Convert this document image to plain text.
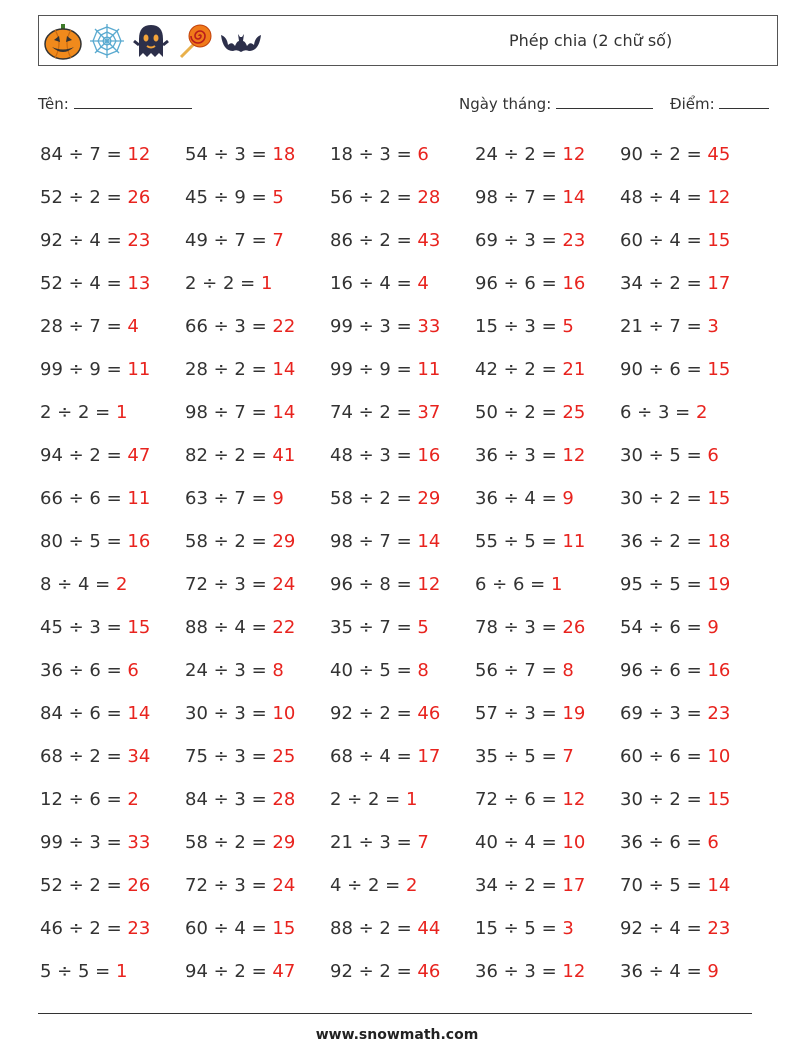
Phép chia (2 chữ số)
Tên:	Ngày tháng:	Điểm:
84 ÷ 7 = 12	54 ÷ 3 = 18	18 ÷ 3 = 6	24 ÷ 2 = 12	90 ÷ 2 = 45
52 ÷ 2 = 26	45 ÷ 9 = 5	56 ÷ 2 = 28	98 ÷ 7 = 14	48 ÷ 4 = 12
92 ÷ 4 = 23	49 ÷ 7 = 7	86 ÷ 2 = 43	69 ÷ 3 = 23	60 ÷ 4 = 15
52 ÷ 4 = 13	2 ÷ 2 = 1	16 ÷ 4 = 4	96 ÷ 6 = 16	34 ÷ 2 = 17
28 ÷ 7 = 4	66 ÷ 3 = 22	99 ÷ 3 = 33	15 ÷ 3 = 5	21 ÷ 7 = 3
99 ÷ 9 = 11	28 ÷ 2 = 14	99 ÷ 9 = 11	42 ÷ 2 = 21	90 ÷ 6 = 15
2 ÷ 2 = 1	98 ÷ 7 = 14	74 ÷ 2 = 37	50 ÷ 2 = 25	6 ÷ 3 = 2
94 ÷ 2 = 47	82 ÷ 2 = 41	48 ÷ 3 = 16	36 ÷ 3 = 12	30 ÷ 5 = 6
66 ÷ 6 = 11	63 ÷ 7 = 9	58 ÷ 2 = 29	36 ÷ 4 = 9	30 ÷ 2 = 15
80 ÷ 5 = 16	58 ÷ 2 = 29	98 ÷ 7 = 14	55 ÷ 5 = 11	36 ÷ 2 = 18
8 ÷ 4 = 2	72 ÷ 3 = 24	96 ÷ 8 = 12	6 ÷ 6 = 1	95 ÷ 5 = 19
45 ÷ 3 = 15	88 ÷ 4 = 22	35 ÷ 7 = 5	78 ÷ 3 = 26	54 ÷ 6 = 9
36 ÷ 6 = 6	24 ÷ 3 = 8	40 ÷ 5 = 8	56 ÷ 7 = 8	96 ÷ 6 = 16
84 ÷ 6 = 14	30 ÷ 3 = 10	92 ÷ 2 = 46	57 ÷ 3 = 19	69 ÷ 3 = 23
68 ÷ 2 = 34	75 ÷ 3 = 25	68 ÷ 4 = 17	35 ÷ 5 = 7	60 ÷ 6 = 10
12 ÷ 6 = 2	84 ÷ 3 = 28	2 ÷ 2 = 1	72 ÷ 6 = 12	30 ÷ 2 = 15
99 ÷ 3 = 33	58 ÷ 2 = 29	21 ÷ 3 = 7	40 ÷ 4 = 10	36 ÷ 6 = 6
52 ÷ 2 = 26	72 ÷ 3 = 24	4 ÷ 2 = 2	34 ÷ 2 = 17	70 ÷ 5 = 14
46 ÷ 2 = 23	60 ÷ 4 = 15	88 ÷ 2 = 44	15 ÷ 5 = 3	92 ÷ 4 = 23
5 ÷ 5 = 1	94 ÷ 2 = 47	92 ÷ 2 = 46	36 ÷ 3 = 12	36 ÷ 4 = 9
www.snowmath.com
